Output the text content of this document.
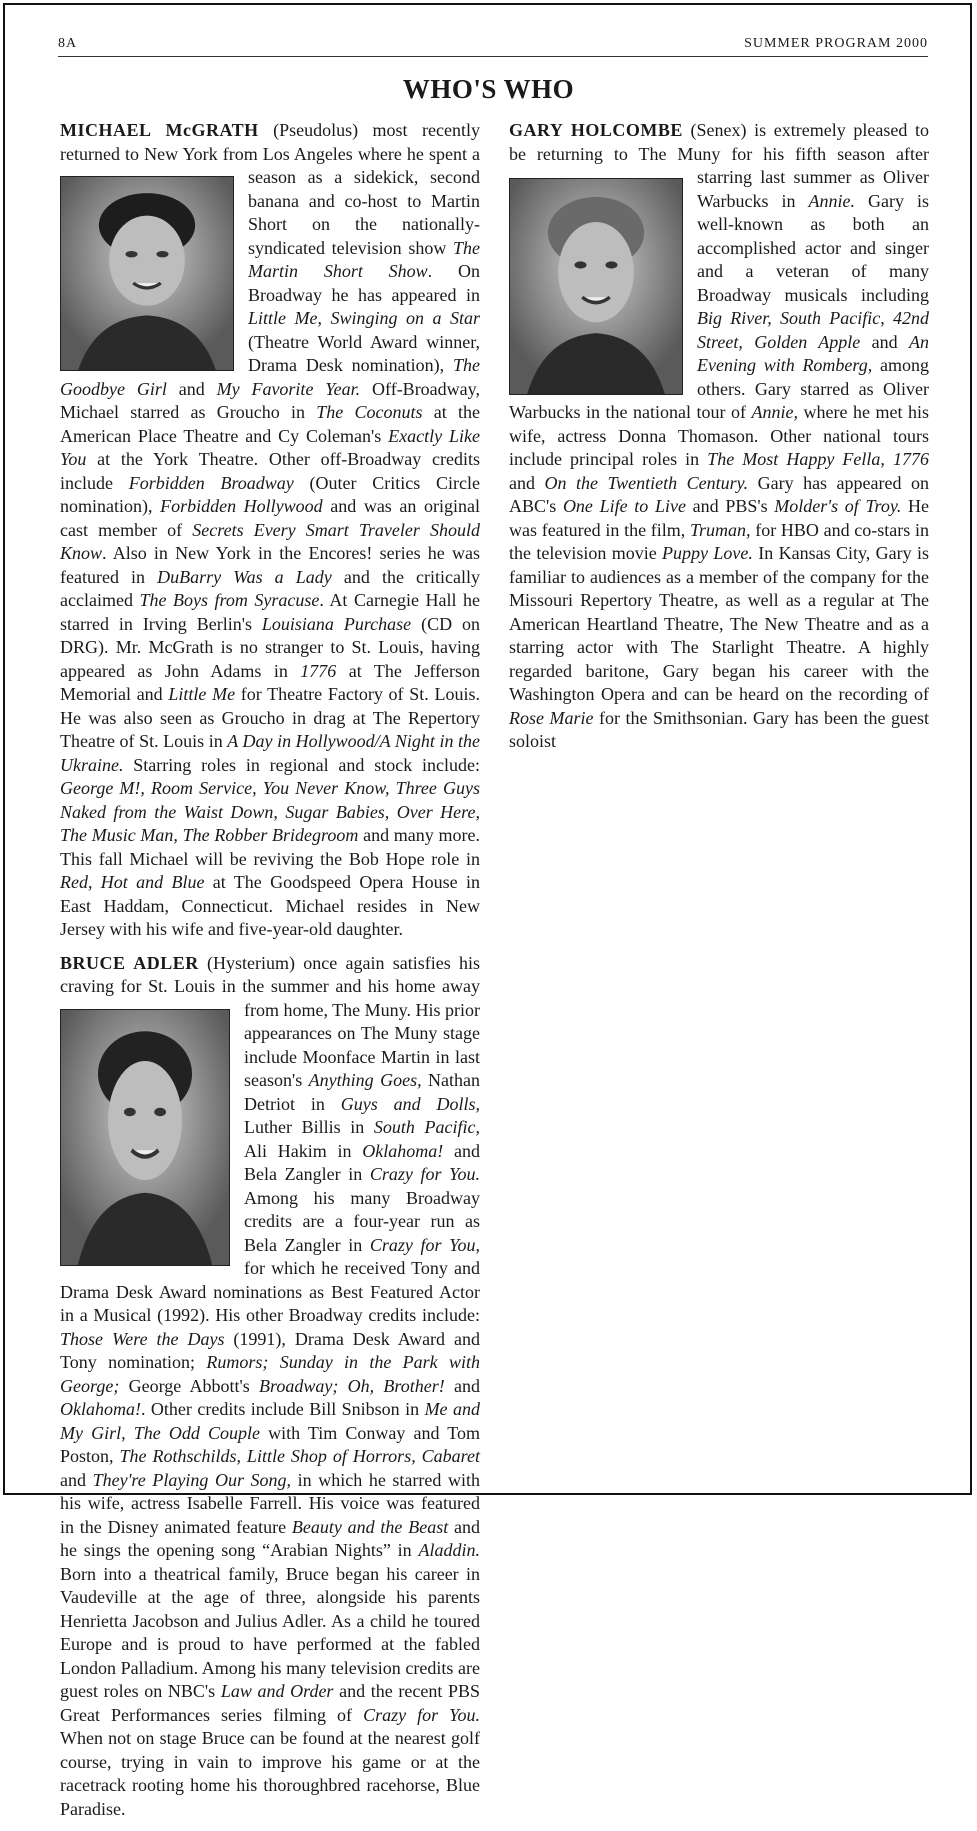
8A	SUMMER PROGRAM 2000
WHO'S WHO

MICHAEL McGRATH (Pseudolus) most recently returned to New York from Los Angeles
where he spent a season as a sidekick, second banana and co-host to Martin Short on the nationally-syndicated television show The Martin Short Show. On Broadway he has appeared in Little Me, Swinging on a Star (Theatre World Award winner, Drama Desk nomination), The Goodbye Girl and My Favorite Year. Off-Broadway, Michael starred as Groucho in The Coconuts at the American Place Theatre and Cy Coleman's Exactly Like You at the York Theatre. Other off-Broadway credits include Forbidden Broadway (Outer Critics Circle nomination), Forbidden Hollywood and was an original cast member of Secrets Every Smart Traveler Should Know. Also in New York in the Encores! series he was featured in DuBarry Was a Lady and the critically acclaimed The Boys from Syracuse. At Carnegie Hall he starred in Irving Berlin's Louisiana Purchase (CD on DRG). Mr. McGrath is no stranger to St. Louis, having appeared as John Adams in 1776 at The Jefferson Memorial and Little Me for Theatre Factory of St. Louis. He was also seen as Groucho in drag at The Repertory Theatre of St. Louis in A Day in Hollywood/A Night in the Ukraine. Starring roles in regional and stock include: George M!, Room Service, You Never Know, Three Guys Naked from the Waist Down, Sugar Babies, Over Here, The Music Man, The Robber Bridegroom and many more. This fall Michael will be reviving the Bob Hope role in Red, Hot and Blue at The Goodspeed Opera House in East Haddam, Connecticut. Michael resides in New Jersey with his wife and five-year-old daughter.

BRUCE ADLER (Hysterium) once again satisfies his craving for St. Louis in the summer and his
home away from home, The Muny. His prior appearances on The Muny stage include Moonface Martin in last season's Anything Goes, Nathan Detriot in Guys and Dolls, Luther Billis in South Pacific, Ali Hakim in Oklahoma! and Bela Zangler in Crazy for You. Among his many Broadway credits are a four-year run as Bela Zangler in Crazy for You, for which he received Tony and Drama Desk Award nominations as Best Featured Actor in a Musical (1992). His other Broadway credits include: Those Were the Days (1991), Drama Desk Award and Tony nomination; Rumors; Sunday in the Park with George; George Abbott's Broadway; Oh, Brother! and Oklahoma!. Other credits include Bill Snibson in Me and My Girl, The Odd Couple with Tim Conway and Tom Poston, The Rothschilds, Little Shop of Horrors, Cabaret and They're Playing Our Song, in which he starred with his wife, actress Isabelle Farrell. His voice was featured in the Disney animated feature Beauty and the Beast and he sings the opening song “Arabian Nights” in Aladdin. Born into a theatrical family, Bruce began his career in Vaudeville at the age of three, alongside his parents Henrietta Jacobson and Julius Adler. As a child he toured Europe and is proud to have performed at the fabled London Palladium. Among his many television credits are guest roles on NBC's Law and Order and the recent PBS Great Performances series filming of Crazy for You. When not on stage Bruce can be found at the nearest golf course, trying in vain to improve his game or at the racetrack rooting home his thoroughbred racehorse, Blue Paradise.

GARY HOLCOMBE (Senex) is extremely pleased to be returning to The Muny for his fifth season
after starring last summer as Oliver Warbucks in Annie. Gary is well-known as both an accomplished actor and singer and a veteran of many Broadway musicals including Big River, South Pacific, 42nd Street, Golden Apple and An Evening with Romberg, among others. Gary starred as Oliver Warbucks in the national tour of Annie, where he met his wife, actress Donna Thomason. Other national tours include principal roles in The Most Happy Fella, 1776 and On the Twentieth Century. Gary has appeared on ABC's One Life to Live and PBS's Molder's of Troy. He was featured in the film, Truman, for HBO and co-stars in the television movie Puppy Love. In Kansas City, Gary is familiar to audiences as a member of the company for the Missouri Repertory Theatre, as well as a regular at The American Heartland Theatre, The New Theatre and as a starring actor with The Starlight Theatre. A highly regarded baritone, Gary began his career with the Washington Opera and can be heard on the recording of Rose Marie for the Smithsonian. Gary has been the guest soloist
